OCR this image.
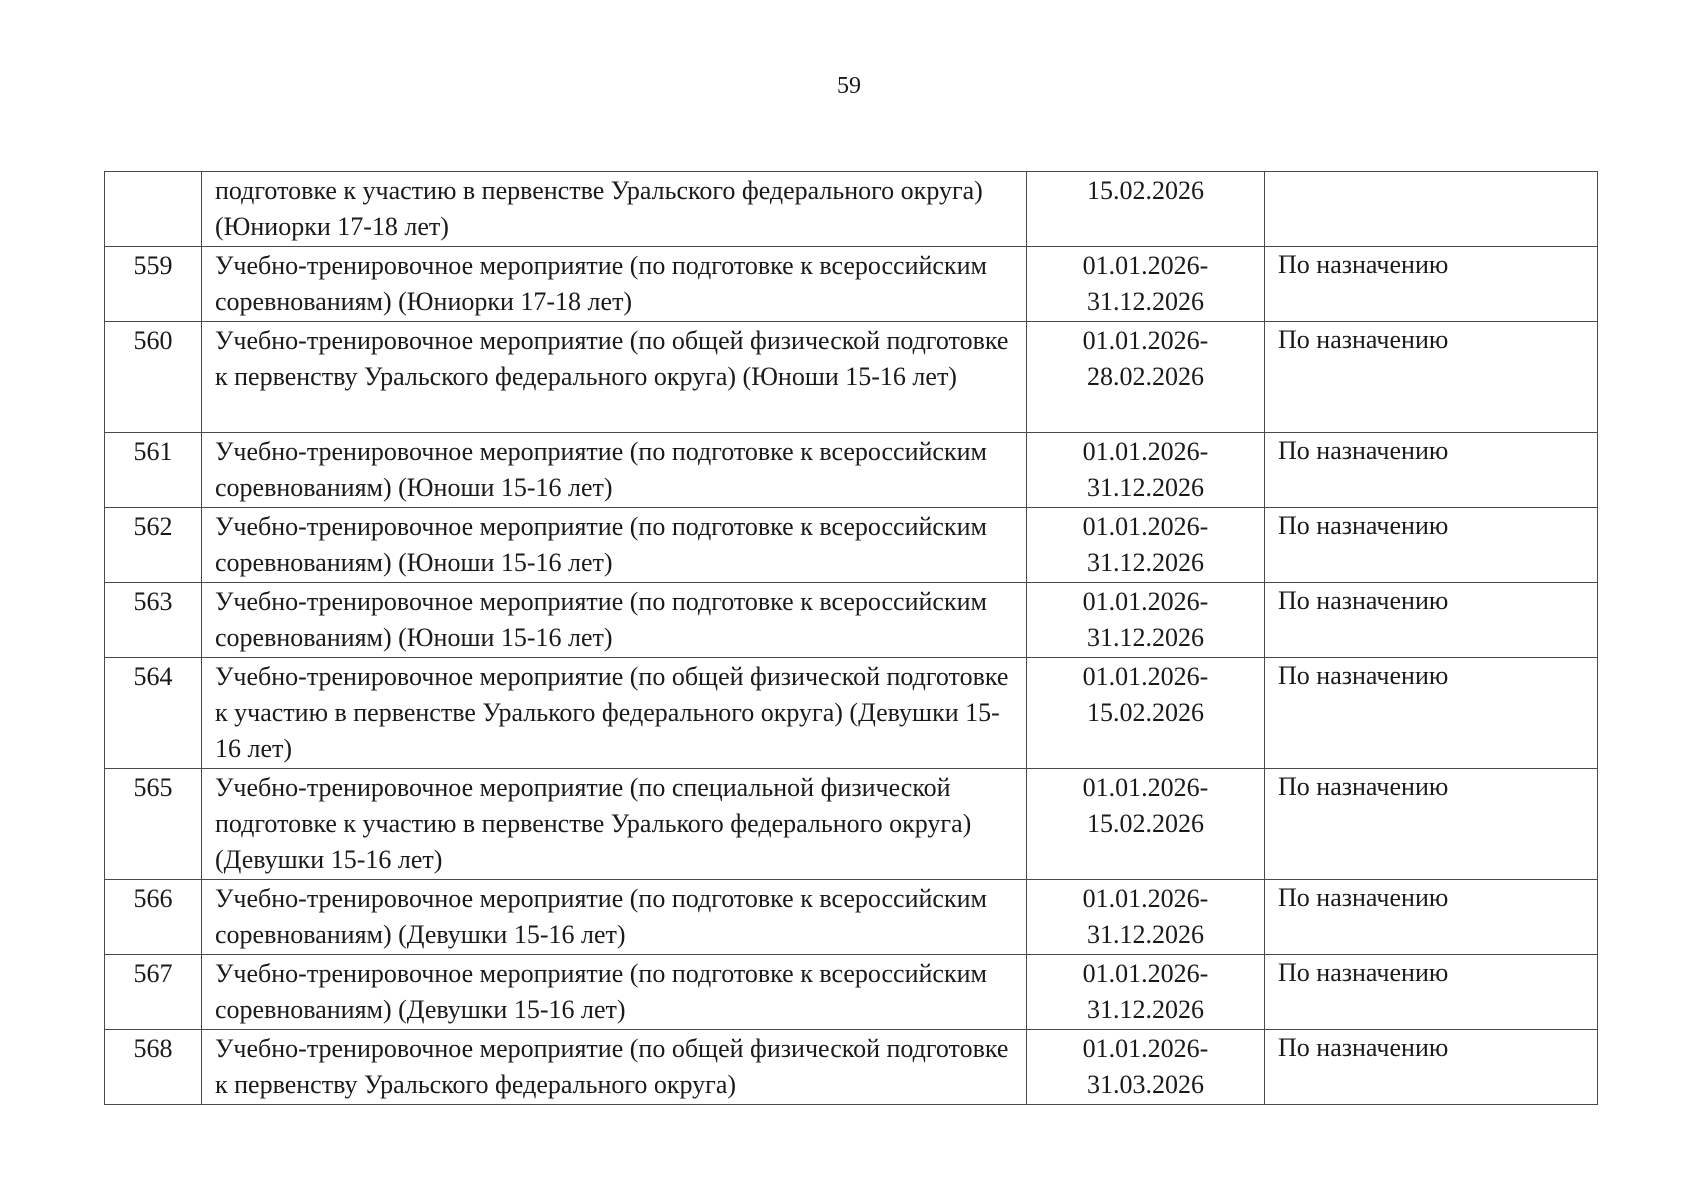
59
	подготовке к участию в первенстве Уральского федерального округа) (Юниорки 17-18 лет)	15.02.2026	
559	Учебно-тренировочное мероприятие (по подготовке к всероссийским соревнованиям) (Юниорки 17-18 лет)	01.01.2026-31.12.2026	По назначению
560	Учебно-тренировочное мероприятие (по общей физической подготовке к первенству Уральского федерального округа) (Юноши 15-16 лет)	01.01.2026-28.02.2026	По назначению
561	Учебно-тренировочное мероприятие (по подготовке к всероссийским соревнованиям) (Юноши 15-16 лет)	01.01.2026-31.12.2026	По назначению
562	Учебно-тренировочное мероприятие (по подготовке к всероссийским соревнованиям) (Юноши 15-16 лет)	01.01.2026-31.12.2026	По назначению
563	Учебно-тренировочное мероприятие (по подготовке к всероссийским соревнованиям) (Юноши 15-16 лет)	01.01.2026-31.12.2026	По назначению
564	Учебно-тренировочное мероприятие (по общей физической подготовке к участию в первенстве Уралького федерального округа) (Девушки 15-16 лет)	01.01.2026-15.02.2026	По назначению
565	Учебно-тренировочное мероприятие (по специальной физической подготовке к участию в первенстве Уралького федерального округа) (Девушки 15-16 лет)	01.01.2026-15.02.2026	По назначению
566	Учебно-тренировочное мероприятие (по подготовке к всероссийским соревнованиям) (Девушки 15-16 лет)	01.01.2026-31.12.2026	По назначению
567	Учебно-тренировочное мероприятие (по подготовке к всероссийским соревнованиям) (Девушки 15-16 лет)	01.01.2026-31.12.2026	По назначению
568	Учебно-тренировочное мероприятие (по общей физической подготовке к первенству Уральского федерального округа)	01.01.2026-31.03.2026	По назначению
